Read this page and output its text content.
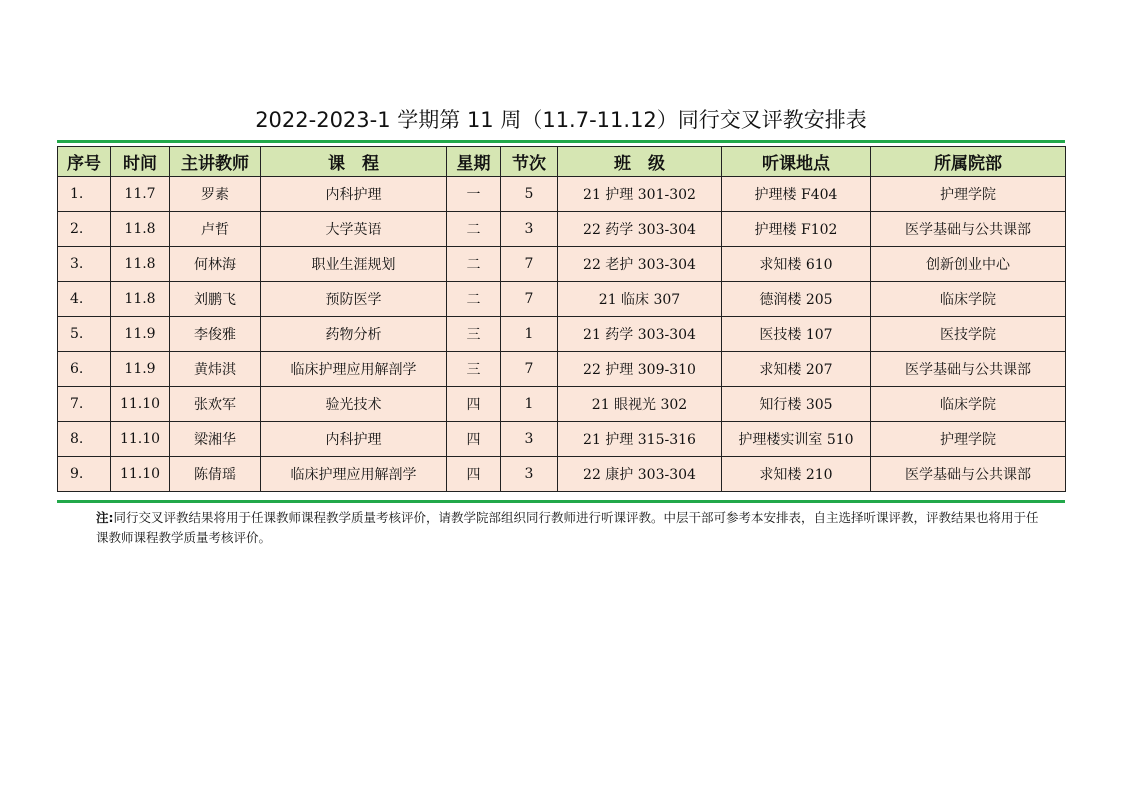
2022-2023-1 学期第 11 周（11.7-11.12）同行交叉评教安排表
序号	时间	主讲教师	课　程	星期	节次	班　级	听课地点	所属院部
1.	11.7	罗素	内科护理	一	5	21 护理 301-302	护理楼 F404	护理学院
2.	11.8	卢哲	大学英语	二	3	22 药学 303-304	护理楼 F102	医学基础与公共课部
3.	11.8	何林海	职业生涯规划	二	7	22 老护 303-304	求知楼 610	创新创业中心
4.	11.8	刘鹏飞	预防医学	二	7	21 临床 307	德润楼 205	临床学院
5.	11.9	李俊雅	药物分析	三	1	21 药学 303-304	医技楼 107	医技学院
6.	11.9	黄炜淇	临床护理应用解剖学	三	7	22 护理 309-310	求知楼 207	医学基础与公共课部
7.	11.10	张欢军	验光技术	四	1	21 眼视光 302	知行楼 305	临床学院
8.	11.10	梁湘华	内科护理	四	3	21 护理 315-316	护理楼实训室 510	护理学院
9.	11.10	陈倩瑶	临床护理应用解剖学	四	3	22 康护 303-304	求知楼 210	医学基础与公共课部
注:同行交叉评教结果将用于任课教师课程教学质量考核评价，请教学院部组织同行教师进行听课评教。中层干部可参考本安排表，自主选择听课评教，评教结果也将用于任课教师课程教学质量考核评价。
